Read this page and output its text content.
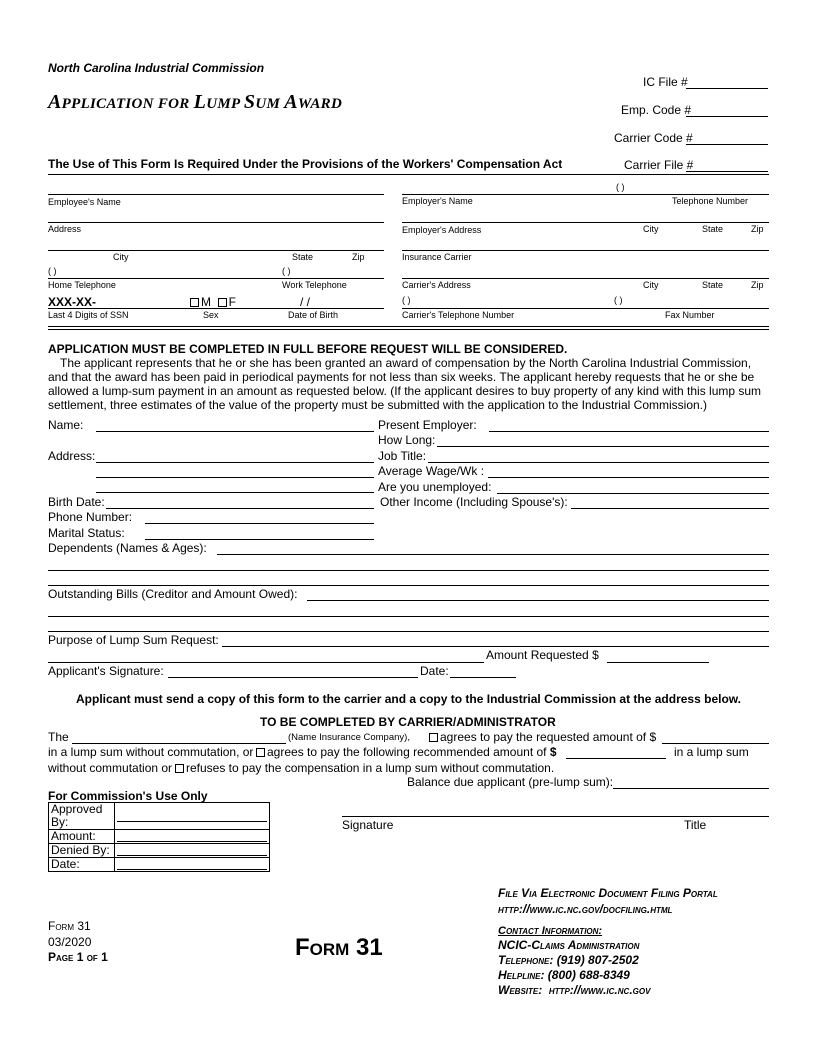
North Carolina Industrial Commission
APPLICATION FOR LUMP SUM AWARD
The Use of This Form Is Required Under the Provisions of the Workers' Compensation Act
IC File #
Emp. Code #
Carrier Code #
Carrier File #
Employee's Name
Address
City	State	Zip
( )	( )
Home Telephone	Work Telephone
XXX-XX-	M F	/ /
Last 4 Digits of SSN	Sex	Date of Birth
( )
Employer's Name	Telephone Number
Employer's Address	City	State	Zip
Insurance Carrier
Carrier's Address	City	State	Zip
( )	( )
Carrier's Telephone Number	Fax Number
APPLICATION MUST BE COMPLETED IN FULL BEFORE REQUEST WILL BE CONSIDERED.
The applicant represents that he or she has been granted an award of compensation by the North Carolina Industrial Commission, and that the award has been paid in periodical payments for not less than six weeks. The applicant hereby requests that he or she be allowed a lump-sum payment in an amount as requested below. (If the applicant desires to buy property of any kind with this lump sum settlement, three estimates of the value of the property must be submitted with the application to the Industrial Commission.)
Name:
Address:
Birth Date:
Phone Number:
Marital Status:
Present Employer:
How Long:
Job Title:
Average Wage/Wk :
Are you unemployed:
Other Income (Including Spouse's):
Dependents (Names & Ages):
Outstanding Bills (Creditor and Amount Owed):
Purpose of Lump Sum Request:
Amount Requested $
Applicant's Signature:	Date:
Applicant must send a copy of this form to the carrier and a copy to the Industrial Commission at the address below.
TO BE COMPLETED BY CARRIER/ADMINISTRATOR
The	(Name Insurance Company),	agrees to pay the requested amount of $
in a lump sum without commutation, or	agrees to pay the following recommended amount of $	in a lump sum
without commutation or	refuses to pay the compensation in a lump sum without commutation.
Balance due applicant (pre-lump sum):
For Commission's Use Only
Approved By:	

Amount:	

Denied By:	

Date:	
Signature	Title
Form 31
03/2020
Page 1 of 1	Form 31
File Via Electronic Document Filing Portal
http://www.ic.nc.gov/docfiling.html
Contact Information:
NCIC-Claims Administration
Telephone: (919) 807-2502
Helpline: (800) 688-8349
Website: http://www.ic.nc.gov
